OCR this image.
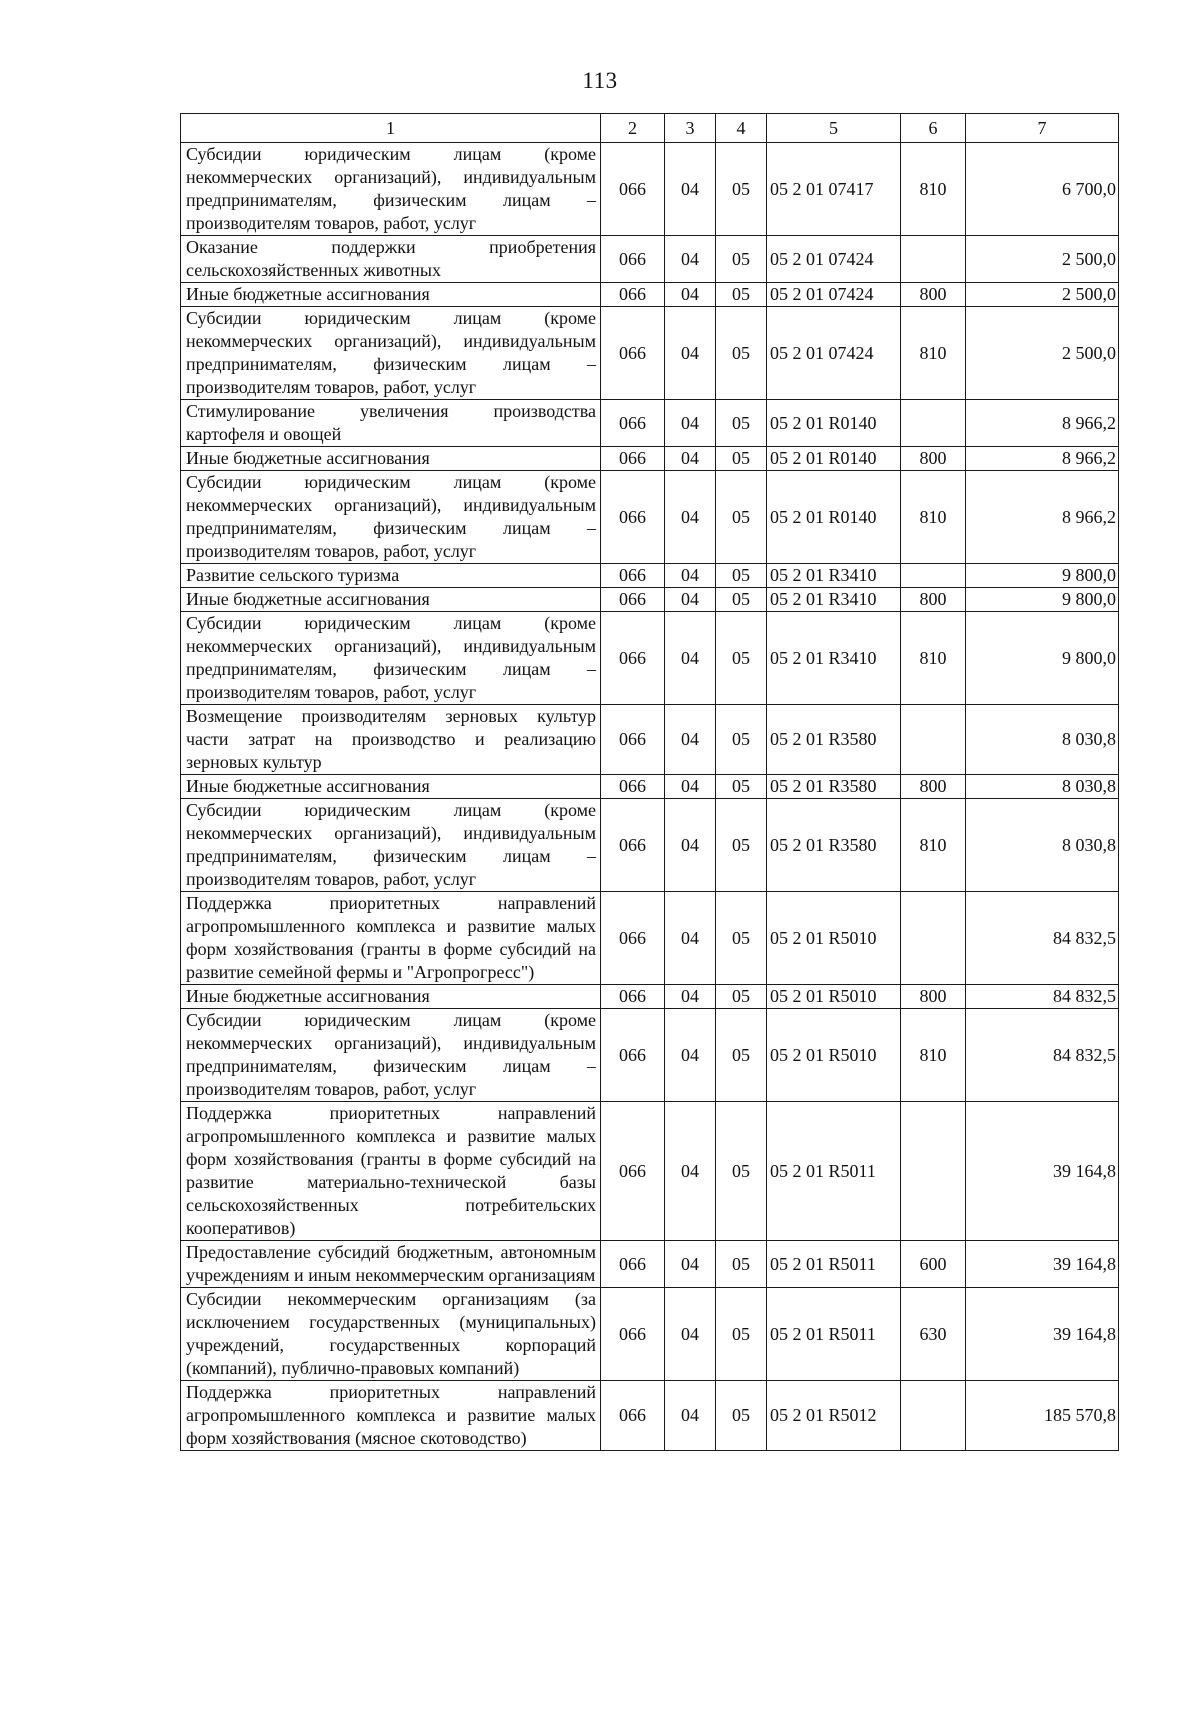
113
1	2	3	4	5	6	7
Субсидии юридическим лицам (кроме некоммерческих организаций), индивидуальным предпринимателям, физическим лицам – производителям товаров, работ, услуг	066	04	05	05 2 01 07417	810	6 700,0
Оказание поддержки приобретения сельскохозяйственных животных	066	04	05	05 2 01 07424		2 500,0
Иные бюджетные ассигнования	066	04	05	05 2 01 07424	800	2 500,0
Субсидии юридическим лицам (кроме некоммерческих организаций), индивидуальным предпринимателям, физическим лицам – производителям товаров, работ, услуг	066	04	05	05 2 01 07424	810	2 500,0
Стимулирование увеличения производства картофеля и овощей	066	04	05	05 2 01 R0140		8 966,2
Иные бюджетные ассигнования	066	04	05	05 2 01 R0140	800	8 966,2
Субсидии юридическим лицам (кроме некоммерческих организаций), индивидуальным предпринимателям, физическим лицам – производителям товаров, работ, услуг	066	04	05	05 2 01 R0140	810	8 966,2
Развитие сельского туризма	066	04	05	05 2 01 R3410		9 800,0
Иные бюджетные ассигнования	066	04	05	05 2 01 R3410	800	9 800,0
Субсидии юридическим лицам (кроме некоммерческих организаций), индивидуальным предпринимателям, физическим лицам – производителям товаров, работ, услуг	066	04	05	05 2 01 R3410	810	9 800,0
Возмещение производителям зерновых культур части затрат на производство и реализацию зерновых культур	066	04	05	05 2 01 R3580		8 030,8
Иные бюджетные ассигнования	066	04	05	05 2 01 R3580	800	8 030,8
Субсидии юридическим лицам (кроме некоммерческих организаций), индивидуальным предпринимателям, физическим лицам – производителям товаров, работ, услуг	066	04	05	05 2 01 R3580	810	8 030,8
Поддержка приоритетных направлений агропромышленного комплекса и развитие малых форм хозяйствования (гранты в форме субсидий на развитие семейной фермы и "Агропрогресс")	066	04	05	05 2 01 R5010		84 832,5
Иные бюджетные ассигнования	066	04	05	05 2 01 R5010	800	84 832,5
Субсидии юридическим лицам (кроме некоммерческих организаций), индивидуальным предпринимателям, физическим лицам – производителям товаров, работ, услуг	066	04	05	05 2 01 R5010	810	84 832,5
Поддержка приоритетных направлений агропромышленного комплекса и развитие малых форм хозяйствования (гранты в форме субсидий на развитие материально-технической базы сельскохозяйственных потребительских кооперативов)	066	04	05	05 2 01 R5011		39 164,8
Предоставление субсидий бюджетным, автономным учреждениям и иным некоммерческим организациям	066	04	05	05 2 01 R5011	600	39 164,8
Субсидии некоммерческим организациям (за исключением государственных (муниципальных) учреждений, государственных корпораций (компаний), публично-правовых компаний)	066	04	05	05 2 01 R5011	630	39 164,8
Поддержка приоритетных направлений агропромышленного комплекса и развитие малых форм хозяйствования (мясное скотоводство)	066	04	05	05 2 01 R5012		185 570,8
